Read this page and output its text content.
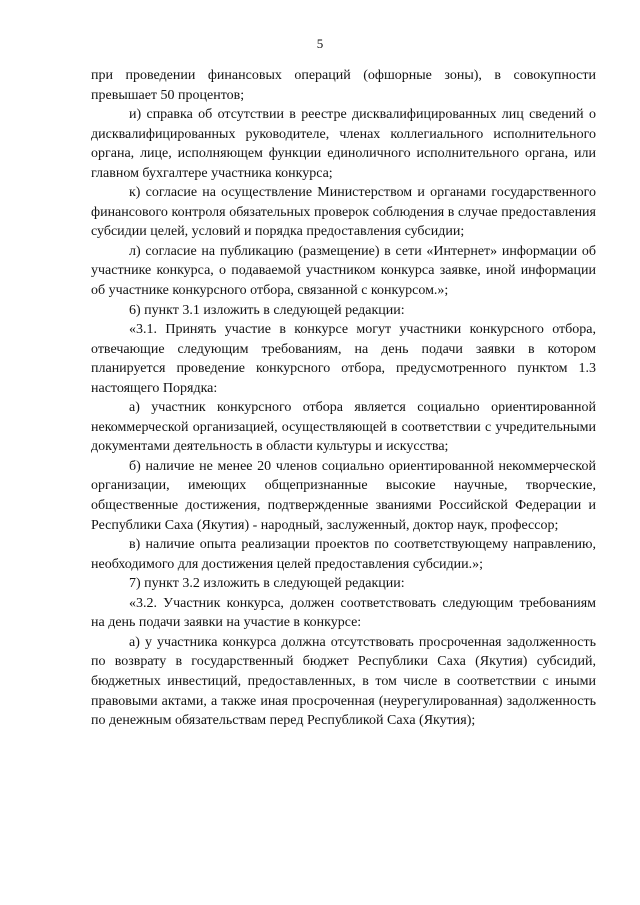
5

при проведении финансовых операций (офшорные зоны), в совокупности превышает 50 процентов;

и) справка об отсутствии в реестре дисквалифицированных лиц сведений о дисквалифицированных руководителе, членах коллегиального исполнительного органа, лице, исполняющем функции единоличного исполнительного органа, или главном бухгалтере участника конкурса;

к) согласие на осуществление Министерством и органами государственного финансового контроля обязательных проверок соблюдения в случае предоставления субсидии целей, условий и порядка предоставления субсидии;

л) согласие на публикацию (размещение) в сети «Интернет» информации об участнике конкурса, о подаваемой участником конкурса заявке, иной информации об участнике конкурсного отбора, связанной с конкурсом.»;

6) пункт 3.1 изложить в следующей редакции:

«3.1. Принять участие в конкурсе могут участники конкурсного отбора, отвечающие следующим требованиям, на день подачи заявки в котором планируется проведение конкурсного отбора, предусмотренного пунктом 1.3 настоящего Порядка:

а) участник конкурсного отбора является социально ориентированной некоммерческой организацией, осуществляющей в соответствии с учредительными документами деятельность в области культуры и искусства;

б) наличие не менее 20 членов социально ориентированной некоммерческой организации, имеющих общепризнанные высокие научные, творческие, общественные достижения, подтвержденные званиями Российской Федерации и Республики Саха (Якутия) - народный, заслуженный, доктор наук, профессор;

в) наличие опыта реализации проектов по соответствующему направлению, необходимого для достижения целей предоставления субсидии.»;

7) пункт 3.2 изложить в следующей редакции:

«3.2. Участник конкурса, должен соответствовать следующим требованиям на день подачи заявки на участие в конкурсе:

а) у участника конкурса должна отсутствовать просроченная задолженность по возврату в государственный бюджет Республики Саха (Якутия) субсидий, бюджетных инвестиций, предоставленных, в том числе в соответствии с иными правовыми актами, а также иная просроченная (неурегулированная) задолженность по денежным обязательствам перед Республикой Саха (Якутия);
